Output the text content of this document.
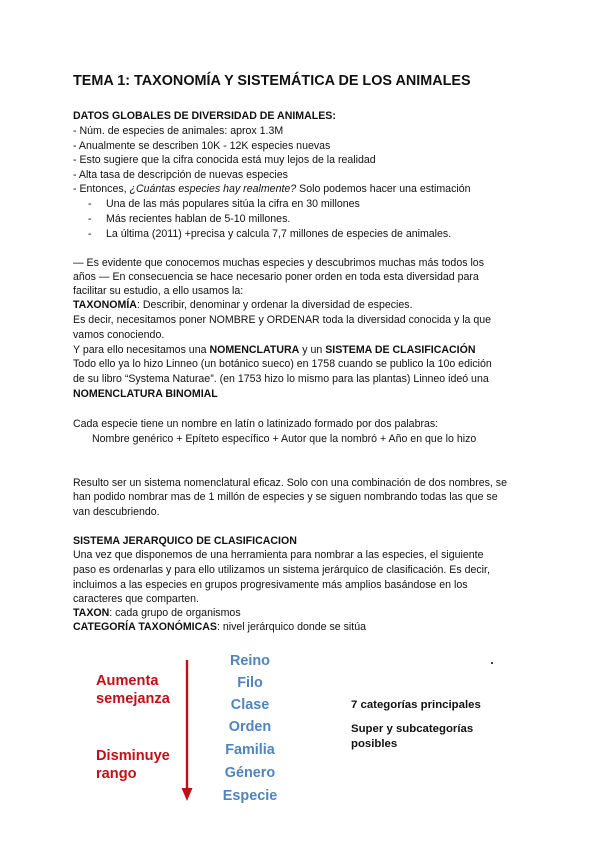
TEMA 1: TAXONOMÍA Y SISTEMÁTICA DE LOS ANIMALES
DATOS GLOBALES DE DIVERSIDAD DE ANIMALES:
- Núm. de especies de animales: aprox 1.3M
- Anualmente se describen 10K - 12K especies nuevas
- Esto sugiere que la cifra conocida está muy lejos de la realidad
- Alta tasa de descripción de nuevas especies
- Entonces, ¿Cuántas especies hay realmente? Solo podemos hacer una estimación
- Una de las más populares sitúa la cifra en 30 millones
- Más recientes hablan de 5-10 millones.
- La última (2011) +precisa y calcula 7,7 millones de especies de animales.
— Es evidente que conocemos muchas especies y descubrimos muchas más todos los
años — En consecuencia se hace necesario poner orden en toda esta diversidad para
facilitar su estudio, a ello usamos la:
TAXONOMÍA: Describir, denominar y ordenar la diversidad de especies.
Es decir, necesitamos poner NOMBRE y ORDENAR toda la diversidad conocida y la que
vamos conociendo.
Y para ello necesitamos una NOMENCLATURA y un SISTEMA DE CLASIFICACIÓN
Todo ello ya lo hizo Linneo (un botánico sueco) en 1758 cuando se publico la 10o edición
de su libro “Systema Naturae”. (en 1753 hizo lo mismo para las plantas) Linneo ideó una
NOMENCLATURA BINOMIAL
Cada especie tiene un nombre en latín o latinizado formado por dos palabras:
Nombre genérico + Epíteto específico + Autor que la nombró + Año en que lo hizo
Resulto ser un sistema nomenclatural eficaz. Solo con una combinación de dos nombres, se
han podido nombrar mas de 1 millón de especies y se siguen nombrando todas las que se
van descubriendo.
SISTEMA JERARQUICO DE CLASIFICACION
Una vez que disponemos de una herramienta para nombrar a las especies, el siguiente
paso es ordenarlas y para ello utilizamos un sistema jerárquico de clasificación. Es decir,
incluimos a las especies en grupos progresivamente más amplios basándose en los
caracteres que comparten.
TAXON: cada grupo de organismos
CATEGORÍA TAXONÓMICAS: nivel jerárquico donde se sitúa
Aumenta
semejanza
Disminuye
rango
Reino
Filo
Clase
Orden
Familia
Género
Especie
7 categorías principales
Super y subcategorías
posibles
